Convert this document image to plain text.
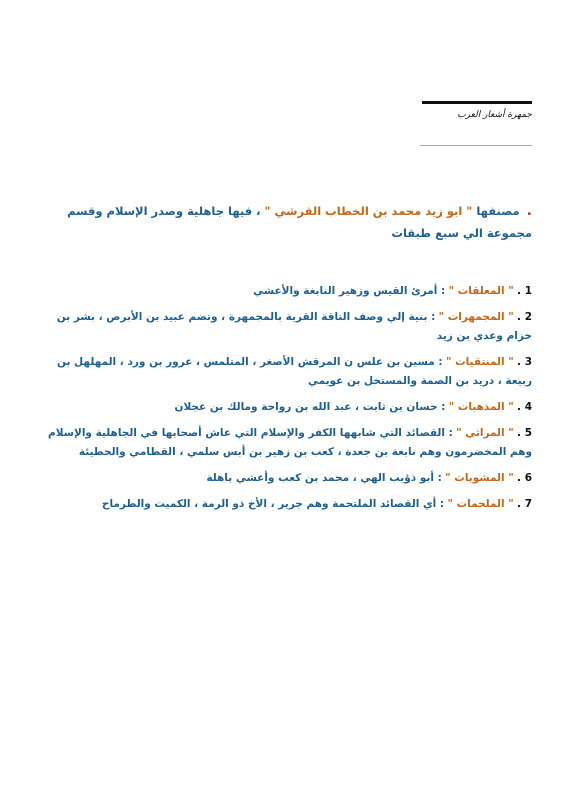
جمهرة أشعار العرب
. مصنفها " ابو زيد محمد بن الخطاب القرشي " ، فيها جاهلية وصدر الإسلام وقسم مجموعة الي سبع طبقات
1 . " المعلقات " : أمرئ القيس وزهير النابغة والأعشي
2 . " المجمهرات " : بنية إلي وصف الناقة القرية بالمجمهرة ، وتضم عبيد بن الأبرص ، بشر بن خزام وعدي بن زيد
3 . " المنتقيات " : مسين بن علس ن المرقش الأصغر ، المتلمس ، عرور بن ورد ، المهلهل بن ربيعة ، دريد بن الصمة والمستخل بن عويمي
4 . " المذهبات " : حسان بن ثابت ، عبد الله بن رواحة ومالك بن عجلان
5 . " المراثي " : القصائد التي شابهها الكفر والإسلام التي عاش أصحابها في الجاهلية والإسلام وهم المخضرمون وهم نابغة بن جعدة ، كعب بن زهير بن أبس سلمي ، القطامي والحطيئة
6 . " المشوبات " : أبو ذؤيب الهي ، محمد بن كعب وأعشي باهلة
7 . " الملحمات " : أي القصائد الملتحمة وهم جرير ، الأخ ذو الرمة ، الكميت والطرماح
